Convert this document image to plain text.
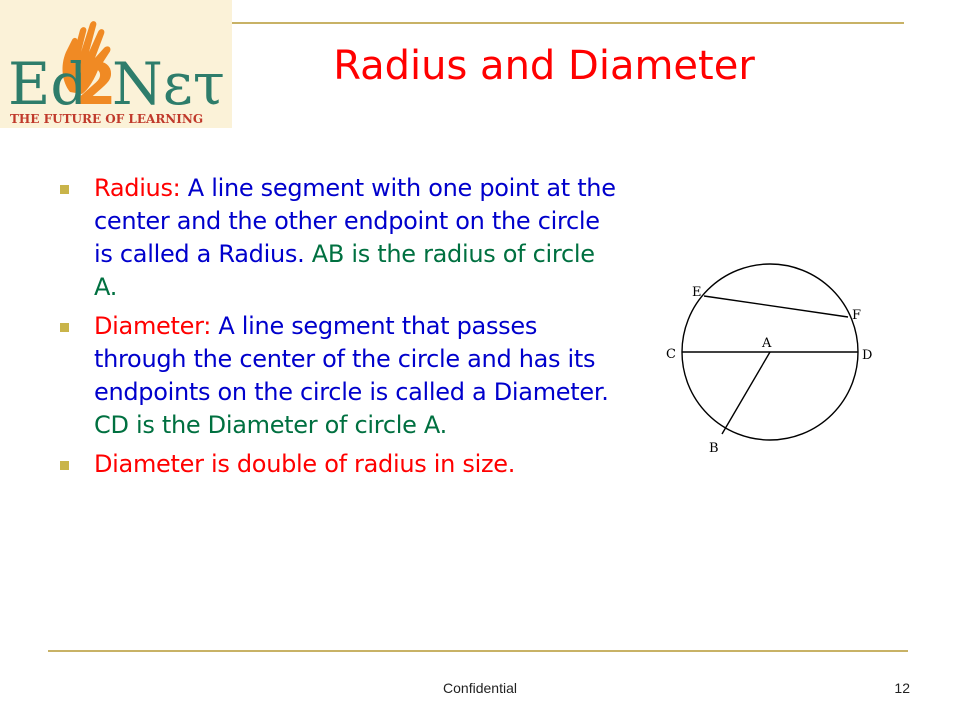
Ed
2
Nετ
THE FUTURE OF LEARNING
Radius and Diameter
Radius: A line segment with one point at the center and the other endpoint on the circle is called a Radius. AB is the radius of circle A.
Diameter: A line segment that passes through the center of the circle and has its endpoints on the circle is called a Diameter. CD is the Diameter of circle A.
Diameter is double of radius in size.
E
F
C
A
D
B
Confidential	12
